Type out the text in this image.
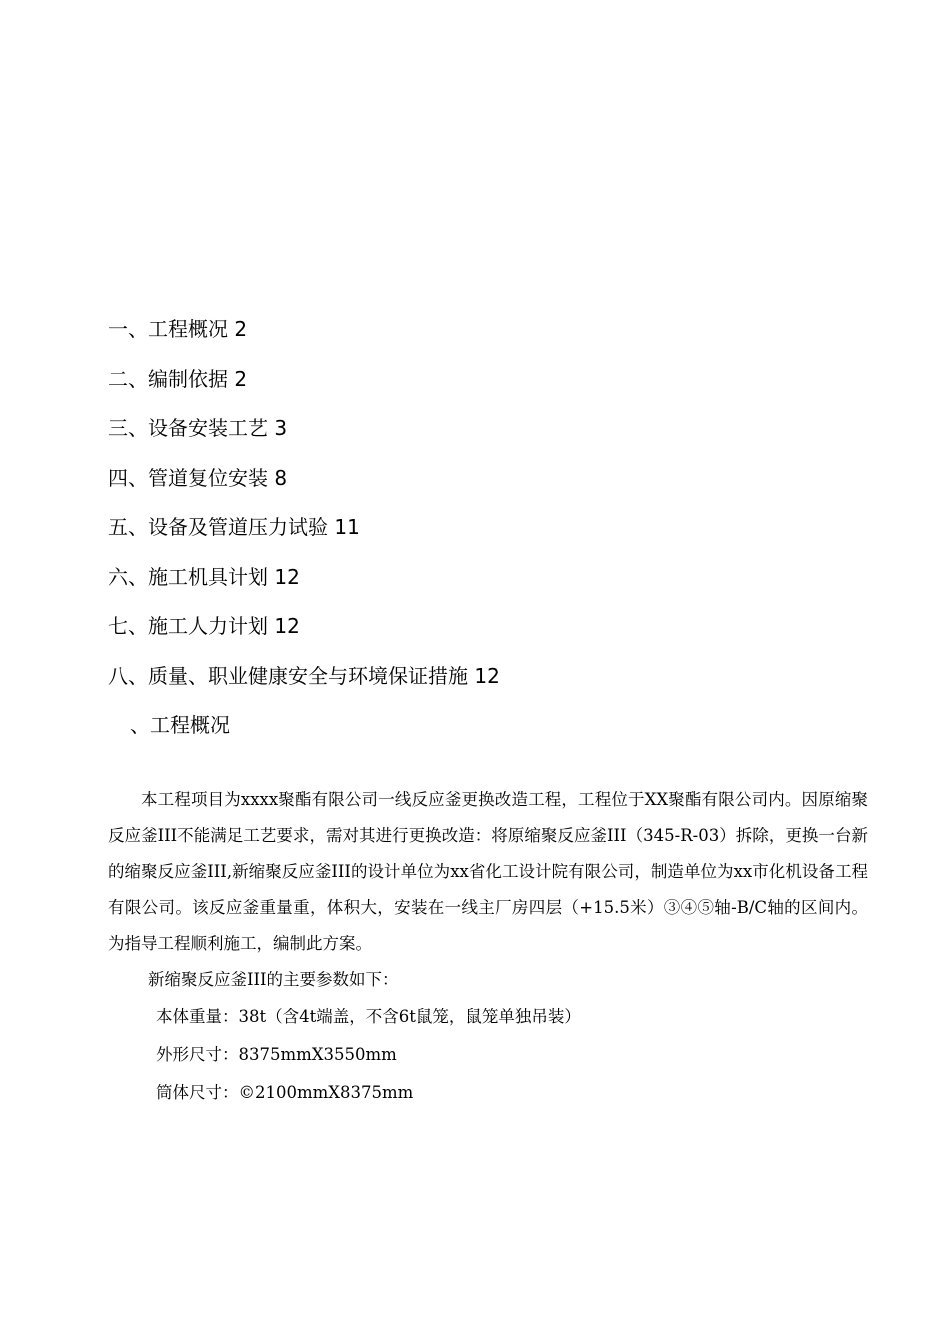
一、工程概况 2
二、编制依据 2
三、设备安装工艺 3
四、管道复位安装 8
五、设备及管道压力试验 11
六、施工机具计划 12
七、施工人力计划 12
八、质量、职业健康安全与环境保证措施 12
、工程概况

本工程项目为xxxx聚酯有限公司一线反应釜更换改造工程，工程位于XX聚酯有限公司内。因原缩聚反应釜III不能满足工艺要求，需对其进行更换改造：将原缩聚反应釜III（345-R-03）拆除，更换一台新的缩聚反应釜III,新缩聚反应釜III的设计单位为xx省化工设计院有限公司，制造单位为xx市化机设备工程有限公司。该反应釜重量重，体积大，安装在一线主厂房四层（+15.5米）③④⑤轴-B/C轴的区间内。为指导工程顺利施工，编制此方案。

新缩聚反应釜III的主要参数如下：

本体重量：38t（含4t端盖，不含6t鼠笼，鼠笼单独吊装）

外形尺寸：8375mmX3550mm

筒体尺寸：©2100mmX8375mm
